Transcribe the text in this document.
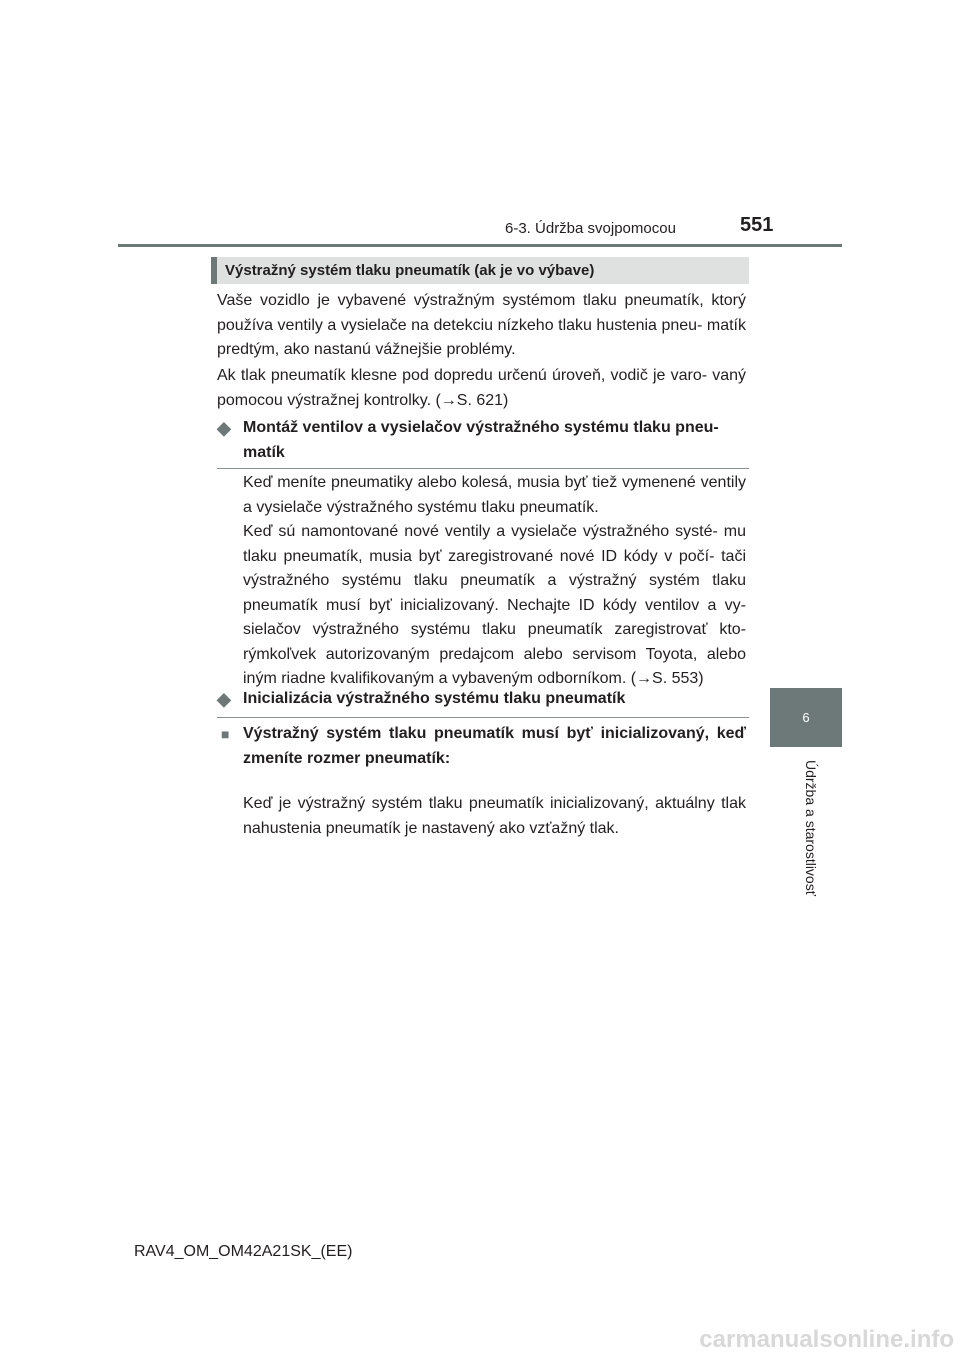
6-3. Údržba svojpomocou	551
6
Údržba a starostlivosť
Výstražný systém tlaku pneumatík (ak je vo výbave)

Vaše vozidlo je vybavené výstražným systémom tlaku pneumatík, ktorý používa ventily a vysielače na detekciu nízkeho tlaku hustenia pneu- matík predtým, ako nastanú vážnejšie problémy.

Ak tlak pneumatík klesne pod dopredu určenú úroveň, vodič je varo- vaný pomocou výstražnej kontrolky. (→S. 621)

◆ Montáž ventilov a vysielačov výstražného systému tlaku pneu- matík

Keď meníte pneumatiky alebo kolesá, musia byť tiež vymenené ventily a vysielače výstražného systému tlaku pneumatík.

Keď sú namontované nové ventily a vysielače výstražného systé- mu tlaku pneumatík, musia byť zaregistrované nové ID kódy v počí- tači výstražného systému tlaku pneumatík a výstražný systém tlaku pneumatík musí byť inicializovaný. Nechajte ID kódy ventilov a vy- sielačov výstražného systému tlaku pneumatík zaregistrovať kto- rýmkoľvek autorizovaným predajcom alebo servisom Toyota, alebo iným riadne kvalifikovaným a vybaveným odborníkom. (→S. 553)

◆ Inicializácia výstražného systému tlaku pneumatík
■ Výstražný systém tlaku pneumatík musí byť inicializovaný, keď zmeníte rozmer pneumatík:

Keď je výstražný systém tlaku pneumatík inicializovaný, aktuálny tlak nahustenia pneumatík je nastavený ako vzťažný tlak.

RAV4_OM_OM42A21SK_(EE)
carmanualsonline.info
